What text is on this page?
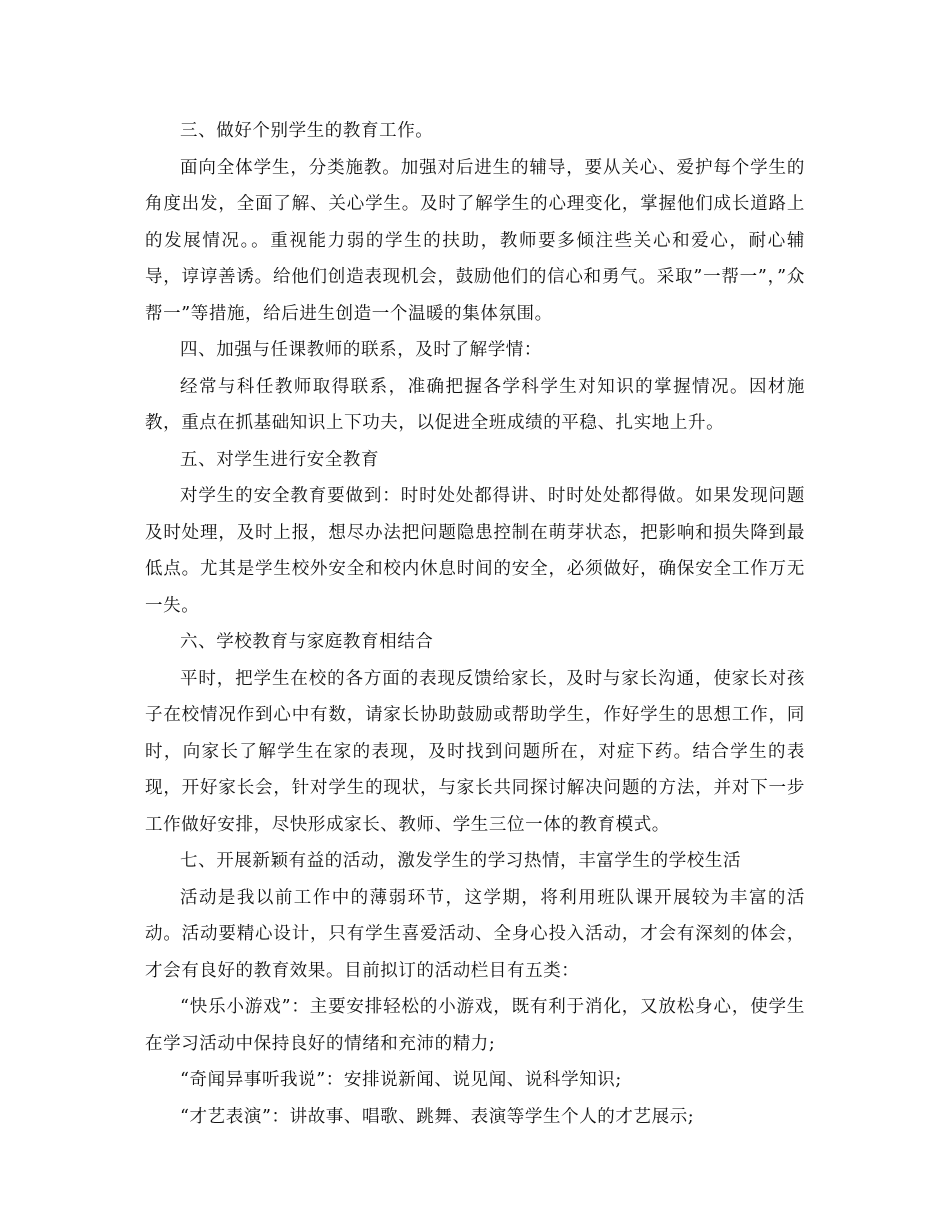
三、做好个别学生的教育工作。

面向全体学生，分类施教。加强对后进生的辅导，要从关心、爱护每个学生的角度出发，全面了解、关心学生。及时了解学生的心理变化，掌握他们成长道路上的发展情况。。重视能力弱的学生的扶助，教师要多倾注些关心和爱心，耐心辅导，谆谆善诱。给他们创造表现机会，鼓励他们的信心和勇气。采取”一帮一”，”众帮一”等措施，给后进生创造一个温暖的集体氛围。

四、加强与任课教师的联系，及时了解学情：

经常与科任教师取得联系，准确把握各学科学生对知识的掌握情况。因材施教，重点在抓基础知识上下功夫，以促进全班成绩的平稳、扎实地上升。

五、对学生进行安全教育

对学生的安全教育要做到：时时处处都得讲、时时处处都得做。如果发现问题及时处理，及时上报，想尽办法把问题隐患控制在萌芽状态，把影响和损失降到最低点。尤其是学生校外安全和校内休息时间的安全，必须做好，确保安全工作万无一失。

六、学校教育与家庭教育相结合

平时，把学生在校的各方面的表现反馈给家长，及时与家长沟通，使家长对孩子在校情况作到心中有数，请家长协助鼓励或帮助学生，作好学生的思想工作，同时，向家长了解学生在家的表现，及时找到问题所在，对症下药。结合学生的表现，开好家长会，针对学生的现状，与家长共同探讨解决问题的方法，并对下一步工作做好安排，尽快形成家长、教师、学生三位一体的教育模式。

七、开展新颖有益的活动，激发学生的学习热情，丰富学生的学校生活

活动是我以前工作中的薄弱环节，这学期，将利用班队课开展较为丰富的活动。活动要精心设计，只有学生喜爱活动、全身心投入活动，才会有深刻的体会，才会有良好的教育效果。目前拟订的活动栏目有五类：

“快乐小游戏”：主要安排轻松的小游戏，既有利于消化，又放松身心，使学生在学习活动中保持良好的情绪和充沛的精力;

“奇闻异事听我说”：安排说新闻、说见闻、说科学知识;

“才艺表演”：讲故事、唱歌、跳舞、表演等学生个人的才艺展示;
